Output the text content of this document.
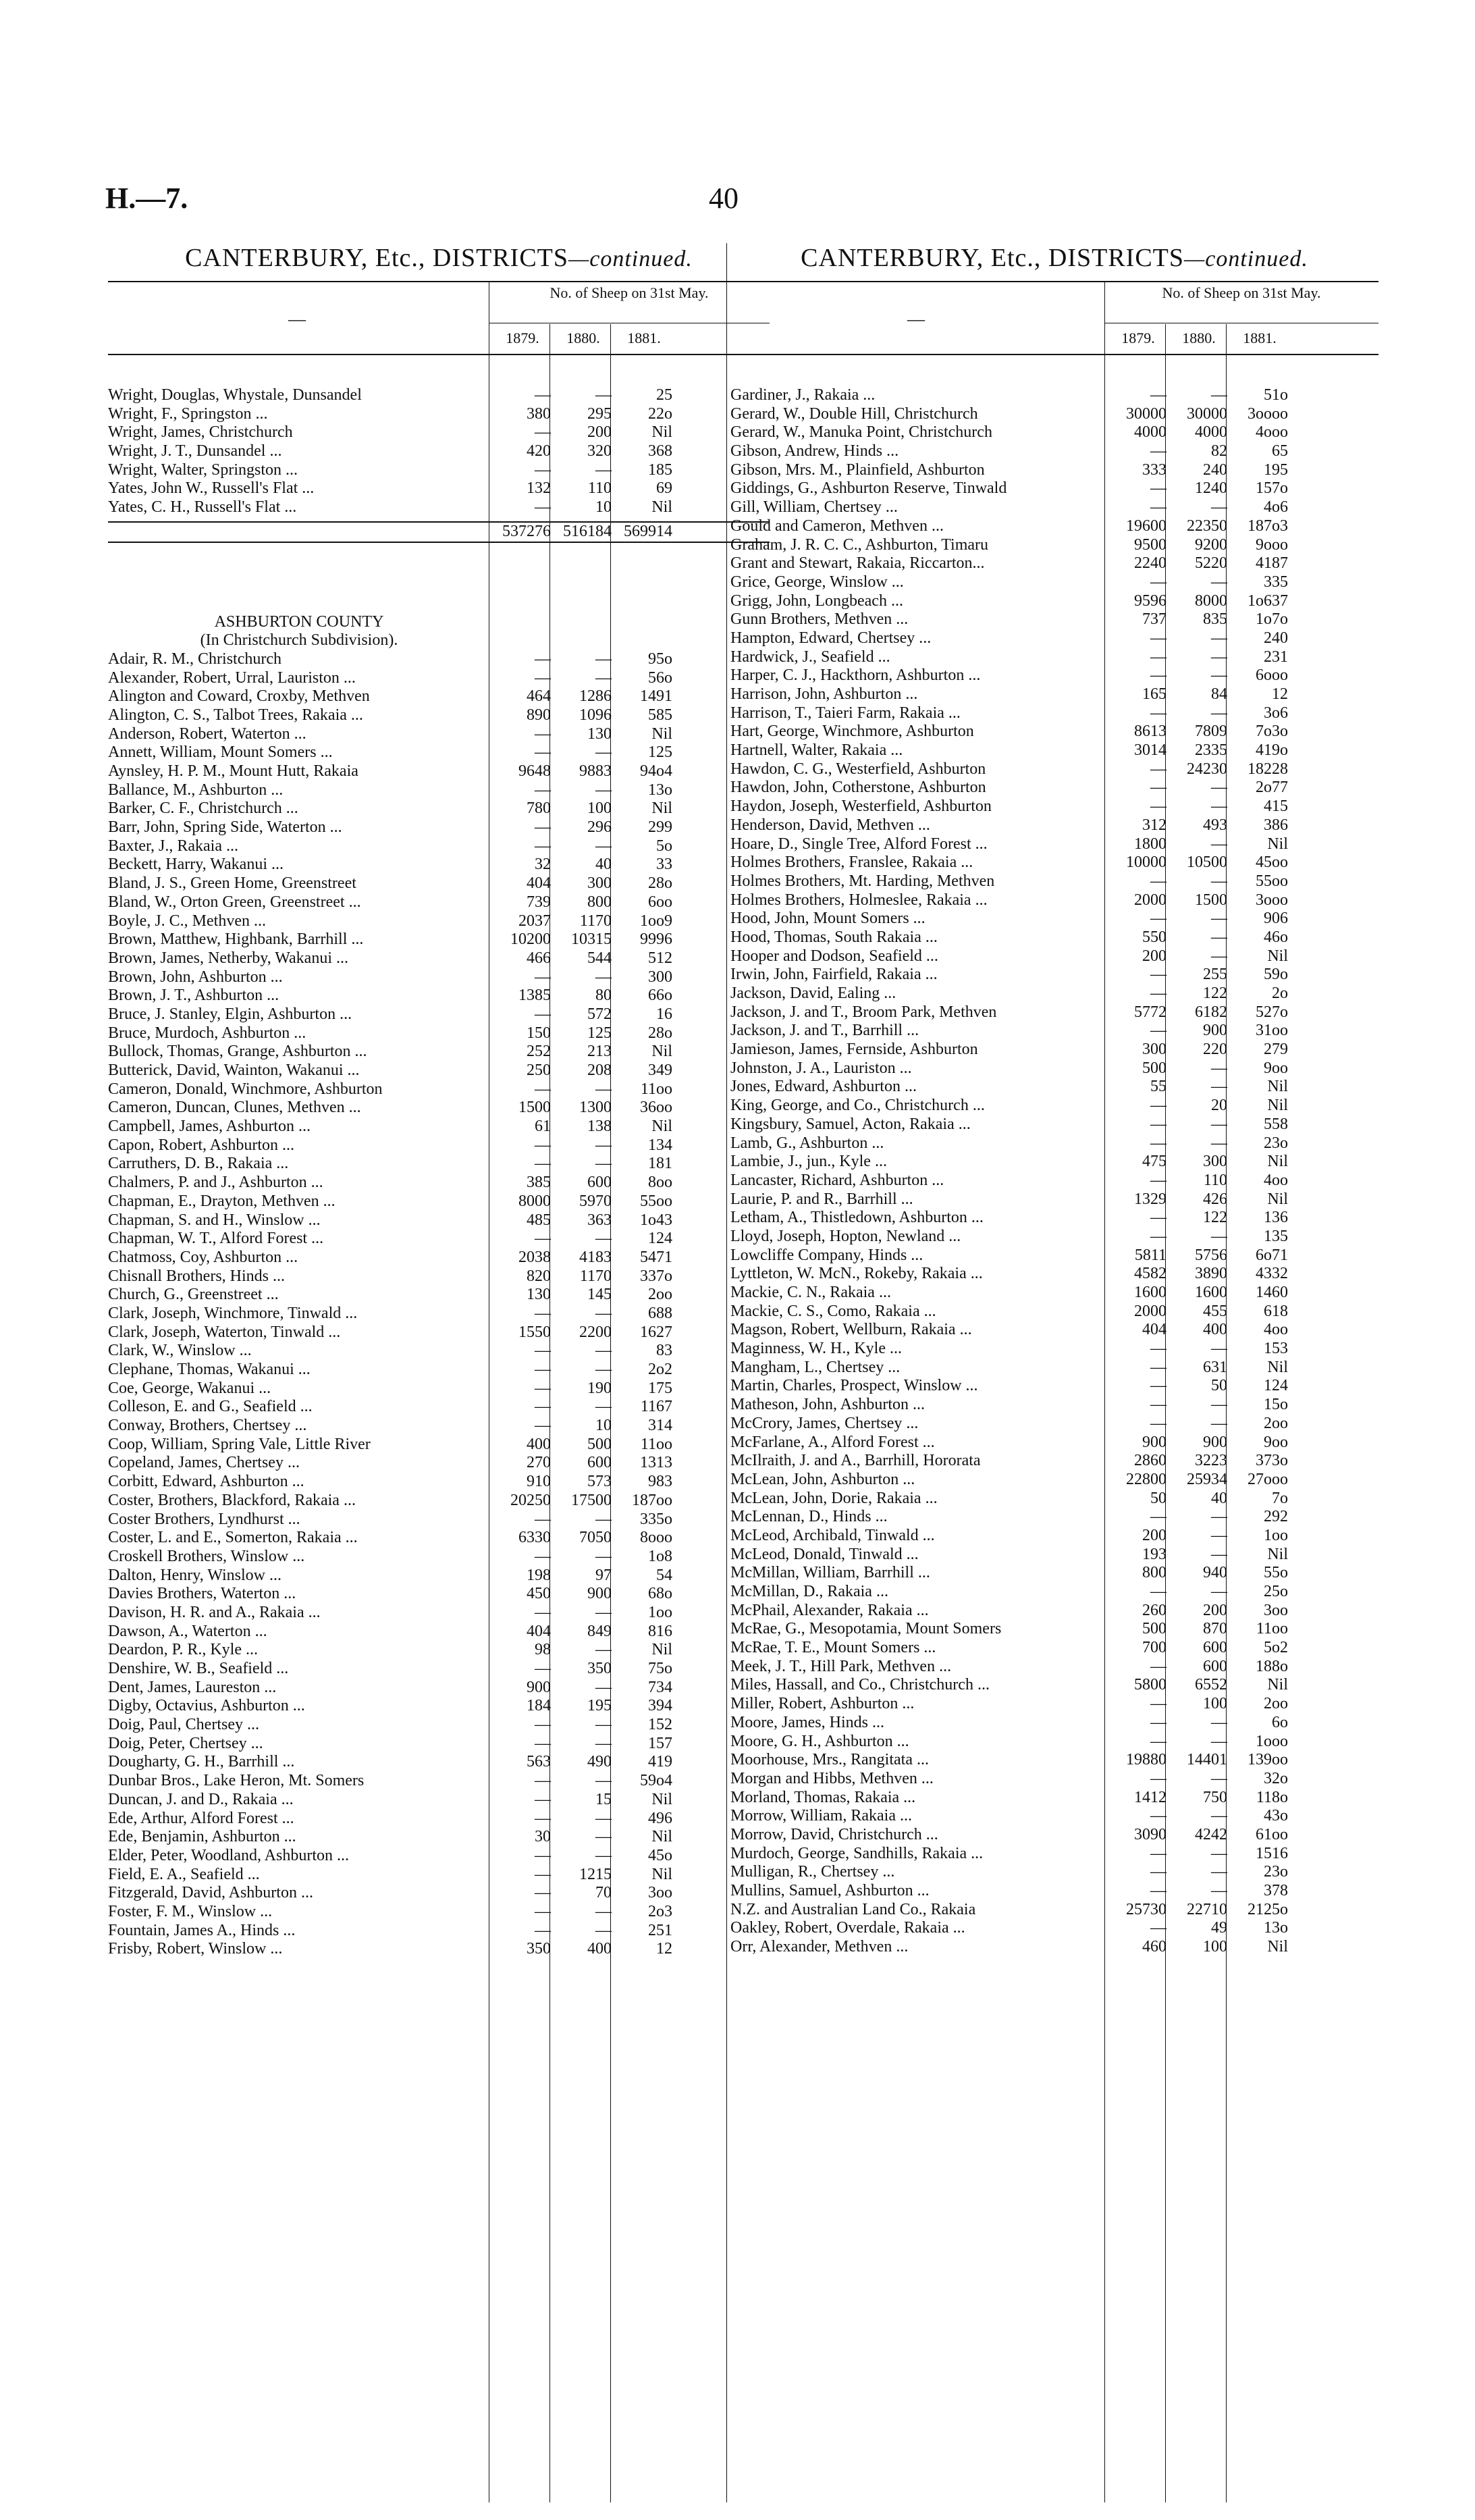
H.—7.	40
CANTERBURY, Etc., DISTRICTS—continued.
—
No. of Sheep on 31st May.
1879.	1880.	1881.
Wright, Douglas, Whystale, Dunsandel	—	—	25
Wright, F., Springston ...	380	295	22o
Wright, James, Christchurch	—	200	Nil
Wright, J. T., Dunsandel ...	420	320	368
Wright, Walter, Springston ...	—	—	185
Yates, John W., Russell's Flat ...	132	110	69
Yates, C. H., Russell's Flat ...	—	10	Nil
537276 516184 569914
ASHBURTON COUNTY
(In Christchurch Subdivision).
Adair, R. M., Christchurch	—	—	95o
Alexander, Robert, Urral, Lauriston ...	—	—	56o
Alington and Coward, Croxby, Methven	464	1286	1491
Alington, C. S., Talbot Trees, Rakaia ...	890	1096	585
Anderson, Robert, Waterton ...	—	130	Nil
Annett, William, Mount Somers ...	—	—	125
Aynsley, H. P. M., Mount Hutt, Rakaia	9648	9883	94o4
Ballance, M., Ashburton ...	—	—	13o
Barker, C. F., Christchurch ...	780	100	Nil
Barr, John, Spring Side, Waterton ...	—	296	299
Baxter, J., Rakaia ...	—	—	5o
Beckett, Harry, Wakanui ...	32	40	33
Bland, J. S., Green Home, Greenstreet	404	300	28o
Bland, W., Orton Green, Greenstreet ...	739	800	6oo
Boyle, J. C., Methven ...	2037	1170	1oo9
Brown, Matthew, Highbank, Barrhill ...	10200	10315	9996
Brown, James, Netherby, Wakanui ...	466	544	512
Brown, John, Ashburton ...	—	—	300
Brown, J. T., Ashburton ...	1385	80	66o
Bruce, J. Stanley, Elgin, Ashburton ...	—	572	16
Bruce, Murdoch, Ashburton ...	150	125	28o
Bullock, Thomas, Grange, Ashburton ...	252	213	Nil
Butterick, David, Wainton, Wakanui ...	250	208	349
Cameron, Donald, Winchmore, Ashburton	—	—	11oo
Cameron, Duncan, Clunes, Methven ...	1500	1300	36oo
Campbell, James, Ashburton ...	61	138	Nil
Capon, Robert, Ashburton ...	—	—	134
Carruthers, D. B., Rakaia ...	—	—	181
Chalmers, P. and J., Ashburton ...	385	600	8oo
Chapman, E., Drayton, Methven ...	8000	5970	55oo
Chapman, S. and H., Winslow ...	485	363	1o43
Chapman, W. T., Alford Forest ...	—	—	124
Chatmoss, Coy, Ashburton ...	2038	4183	5471
Chisnall Brothers, Hinds ...	820	1170	337o
Church, G., Greenstreet ...	130	145	2oo
Clark, Joseph, Winchmore, Tinwald ...	—	—	688
Clark, Joseph, Waterton, Tinwald ...	1550	2200	1627
Clark, W., Winslow ...	—	—	83
Clephane, Thomas, Wakanui ...	—	—	2o2
Coe, George, Wakanui ...	—	190	175
Colleson, E. and G., Seafield ...	—	—	1167
Conway, Brothers, Chertsey ...	—	10	314
Coop, William, Spring Vale, Little River	400	500	11oo
Copeland, James, Chertsey ...	270	600	1313
Corbitt, Edward, Ashburton ...	910	573	983
Coster, Brothers, Blackford, Rakaia ...	20250	17500	187oo
Coster Brothers, Lyndhurst ...	—	—	335o
Coster, L. and E., Somerton, Rakaia ...	6330	7050	8ooo
Croskell Brothers, Winslow ...	—	—	1o8
Dalton, Henry, Winslow ...	198	97	54
Davies Brothers, Waterton ...	450	900	68o
Davison, H. R. and A., Rakaia ...	—	—	1oo
Dawson, A., Waterton ...	404	849	816
Deardon, P. R., Kyle ...	98	—	Nil
Denshire, W. B., Seafield ...	—	350	75o
Dent, James, Laureston ...	900	—	734
Digby, Octavius, Ashburton ...	184	195	394
Doig, Paul, Chertsey ...	—	—	152
Doig, Peter, Chertsey ...	—	—	157
Dougharty, G. H., Barrhill ...	563	490	419
Dunbar Bros., Lake Heron, Mt. Somers	—	—	59o4
Duncan, J. and D., Rakaia ...	—	15	Nil
Ede, Arthur, Alford Forest ...	—	—	496
Ede, Benjamin, Ashburton ...	30	—	Nil
Elder, Peter, Woodland, Ashburton ...	—	—	45o
Field, E. A., Seafield ...	—	1215	Nil
Fitzgerald, David, Ashburton ...	—	70	3oo
Foster, F. M., Winslow ...	—	—	2o3
Fountain, James A., Hinds ...	—	—	251
Frisby, Robert, Winslow ...	350	400	12
CANTERBURY, Etc., DISTRICTS—continued.
—
No. of Sheep on 31st May.
1879.	1880.	1881.
Gardiner, J., Rakaia ...	—	—	51o
Gerard, W., Double Hill, Christchurch	30000	30000	3oooo
Gerard, W., Manuka Point, Christchurch	4000	4000	4ooo
Gibson, Andrew, Hinds ...	—	82	65
Gibson, Mrs. M., Plainfield, Ashburton	333	240	195
Giddings, G., Ashburton Reserve, Tinwald	—	1240	157o
Gill, William, Chertsey ...	—	—	4o6
Gould and Cameron, Methven ...	19600	22350	187o3
Graham, J. R. C. C., Ashburton, Timaru	9500	9200	9ooo
Grant and Stewart, Rakaia, Riccarton...	2240	5220	4187
Grice, George, Winslow ...	—	—	335
Grigg, John, Longbeach ...	9596	8000	1o637
Gunn Brothers, Methven ...	737	835	1o7o
Hampton, Edward, Chertsey ...	—	—	240
Hardwick, J., Seafield ...	—	—	231
Harper, C. J., Hackthorn, Ashburton ...	—	—	6ooo
Harrison, John, Ashburton ...	165	84	12
Harrison, T., Taieri Farm, Rakaia ...	—	—	3o6
Hart, George, Winchmore, Ashburton	8613	7809	7o3o
Hartnell, Walter, Rakaia ...	3014	2335	419o
Hawdon, C. G., Westerfield, Ashburton	—	24230	18228
Hawdon, John, Cotherstone, Ashburton	—	—	2o77
Haydon, Joseph, Westerfield, Ashburton	—	—	415
Henderson, David, Methven ...	312	493	386
Hoare, D., Single Tree, Alford Forest ...	1800	—	Nil
Holmes Brothers, Franslee, Rakaia ...	10000	10500	45oo
Holmes Brothers, Mt. Harding, Methven	—	—	55oo
Holmes Brothers, Holmeslee, Rakaia ...	2000	1500	3ooo
Hood, John, Mount Somers ...	—	—	906
Hood, Thomas, South Rakaia ...	550	—	46o
Hooper and Dodson, Seafield ...	200	—	Nil
Irwin, John, Fairfield, Rakaia ...	—	255	59o
Jackson, David, Ealing ...	—	122	2o
Jackson, J. and T., Broom Park, Methven	5772	6182	527o
Jackson, J. and T., Barrhill ...	—	900	31oo
Jamieson, James, Fernside, Ashburton	300	220	279
Johnston, J. A., Lauriston ...	500	—	9oo
Jones, Edward, Ashburton ...	55	—	Nil
King, George, and Co., Christchurch ...	—	20	Nil
Kingsbury, Samuel, Acton, Rakaia ...	—	—	558
Lamb, G., Ashburton ...	—	—	23o
Lambie, J., jun., Kyle ...	475	300	Nil
Lancaster, Richard, Ashburton ...	—	110	4oo
Laurie, P. and R., Barrhill ...	1329	426	Nil
Letham, A., Thistledown, Ashburton ...	—	122	136
Lloyd, Joseph, Hopton, Newland ...	—	—	135
Lowcliffe Company, Hinds ...	5811	5756	6o71
Lyttleton, W. McN., Rokeby, Rakaia ...	4582	3890	4332
Mackie, C. N., Rakaia ...	1600	1600	1460
Mackie, C. S., Como, Rakaia ...	2000	455	618
Magson, Robert, Wellburn, Rakaia ...	404	400	4oo
Maginness, W. H., Kyle ...	—	—	153
Mangham, L., Chertsey ...	—	631	Nil
Martin, Charles, Prospect, Winslow ...	—	50	124
Matheson, John, Ashburton ...	—	—	15o
McCrory, James, Chertsey ...	—	—	2oo
McFarlane, A., Alford Forest ...	900	900	9oo
McIlraith, J. and A., Barrhill, Hororata	2860	3223	373o
McLean, John, Ashburton ...	22800	25934	27ooo
McLean, John, Dorie, Rakaia ...	50	40	7o
McLennan, D., Hinds ...	—	—	292
McLeod, Archibald, Tinwald ...	200	—	1oo
McLeod, Donald, Tinwald ...	193	—	Nil
McMillan, William, Barrhill ...	800	940	55o
McMillan, D., Rakaia ...	—	—	25o
McPhail, Alexander, Rakaia ...	260	200	3oo
McRae, G., Mesopotamia, Mount Somers	500	870	11oo
McRae, T. E., Mount Somers ...	700	600	5o2
Meek, J. T., Hill Park, Methven ...	—	600	188o
Miles, Hassall, and Co., Christchurch ...	5800	6552	Nil
Miller, Robert, Ashburton ...	—	100	2oo
Moore, James, Hinds ...	—	—	6o
Moore, G. H., Ashburton ...	—	—	1ooo
Moorhouse, Mrs., Rangitata ...	19880	14401	139oo
Morgan and Hibbs, Methven ...	—	—	32o
Morland, Thomas, Rakaia ...	1412	750	118o
Morrow, William, Rakaia ...	—	—	43o
Morrow, David, Christchurch ...	3090	4242	61oo
Murdoch, George, Sandhills, Rakaia ...	—	—	1516
Mulligan, R., Chertsey ...	—	—	23o
Mullins, Samuel, Ashburton ...	—	—	378
N.Z. and Australian Land Co., Rakaia	25730	22710	2125o
Oakley, Robert, Overdale, Rakaia ...	—	49	13o
Orr, Alexander, Methven ...	460	100	Nil
